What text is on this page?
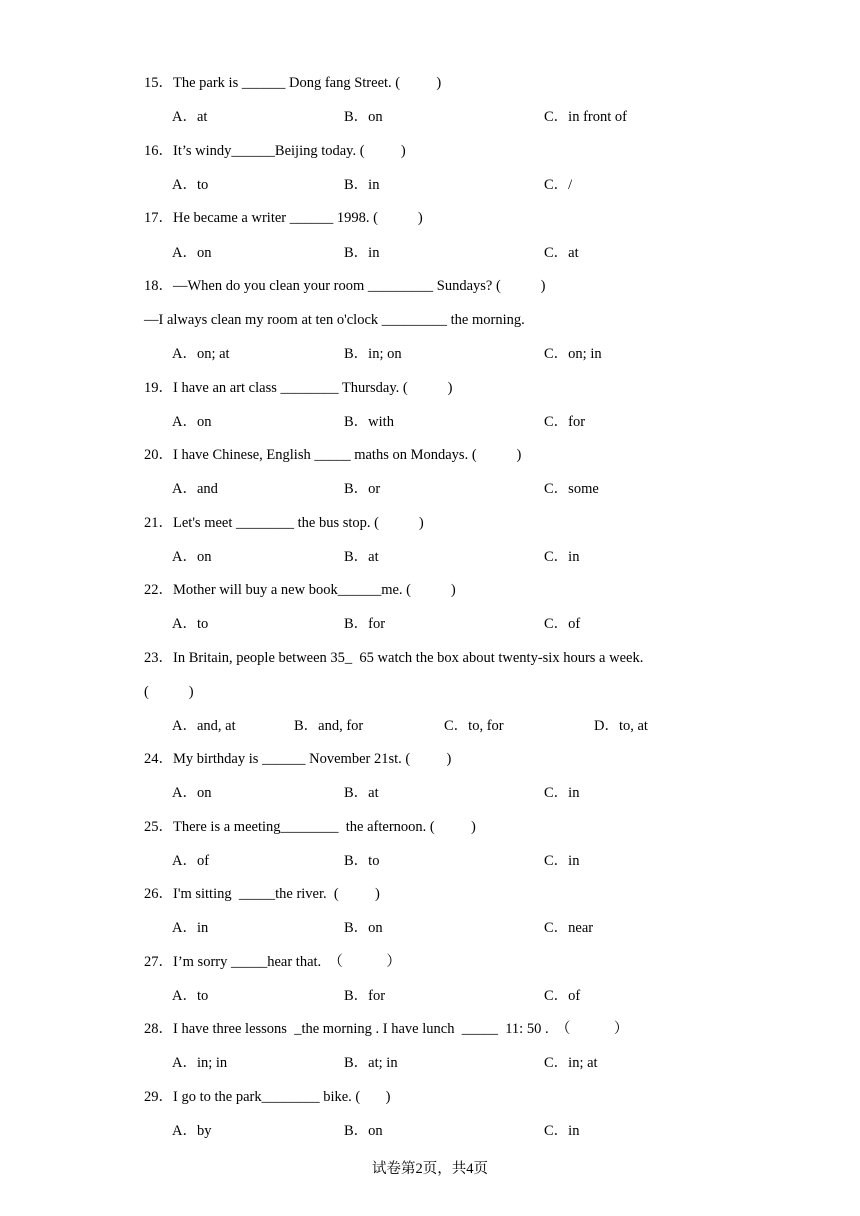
15．The park is ______ Dong fang Street. (          )
A．at	B．on	C．in front of
16．It’s windy______Beijing today. (          )
A．to	B．in	C．/
17．He became a writer ______ 1998. (           )
A．on	B．in	C．at
18．—When do you clean your room _________ Sundays? (           )
—I always clean my room at ten o'clock _________ the morning.
A．on; at	B．in; on	C．on; in
19．I have an art class ________ Thursday. (           )
A．on	B．with	C．for
20．I have Chinese, English _____ maths on Mondays. (           )
A．and	B．or	C．some
21．Let's meet ________ the bus stop. (           )
A．on	B．at	C．in
22．Mother will buy a new book______me. (           )
A．to	B．for	C．of
23．In Britain, people between 35_  65 watch the box about twenty-six hours a week.
(           )
A．and, at	B．and, for	C．to, for	D．to, at
24．My birthday is ______ November 21st. (          )
A．on	B．at	C．in
25．There is a meeting________  the afternoon. (          )
A．of	B．to	C．in
26．I'm sitting  _____the river.  (          )
A．in	B．on	C．near
27．I’m sorry _____hear that.  （            ）
A．to	B．for	C．of
28．I have three lessons  _the morning . I have lunch  _____  11: 50 .  （            ）
A．in; in	B．at; in	C．in; at
29．I go to the park________ bike. (       )
A．by	B．on	C．in
试卷第2页，共4页
